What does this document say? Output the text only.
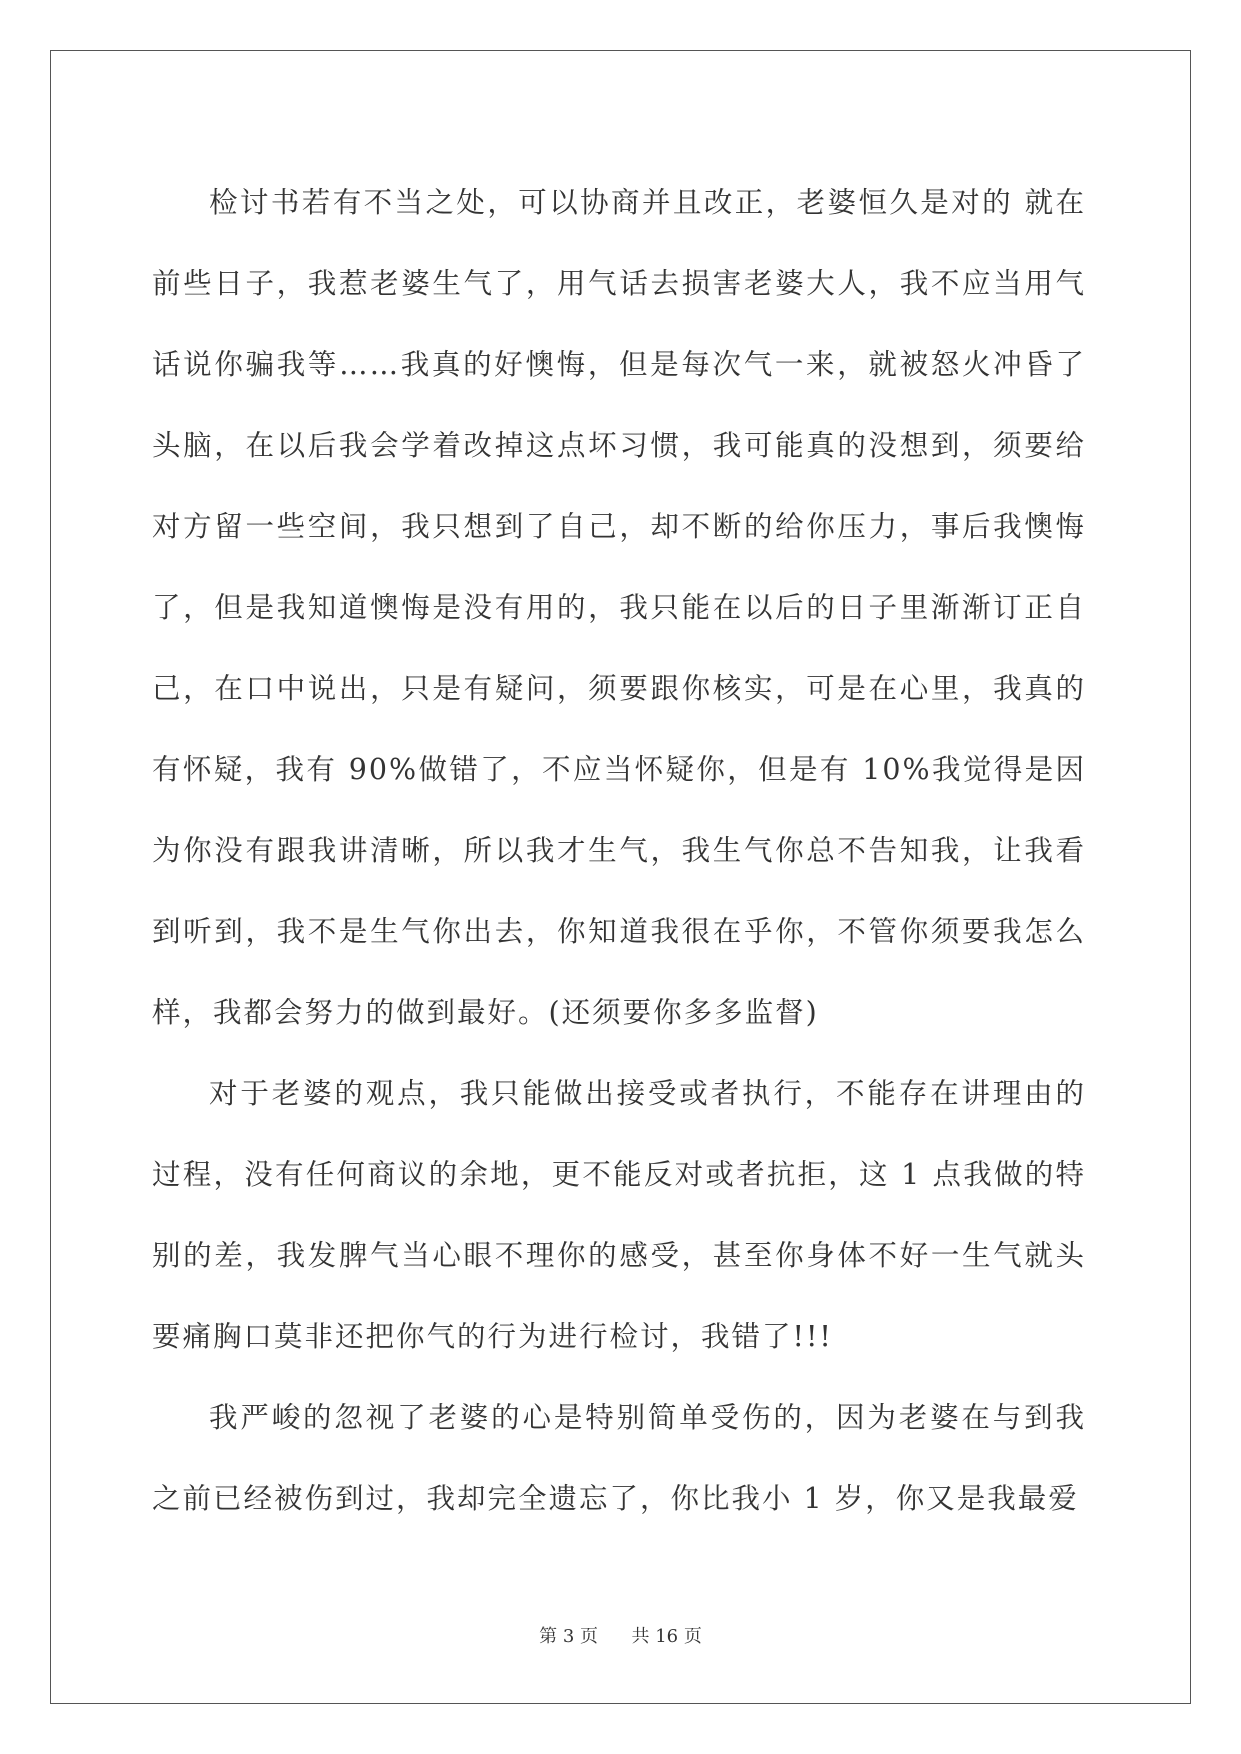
检讨书若有不当之处，可以协商并且改正，老婆恒久是对的 就在前些日子，我惹老婆生气了，用气话去损害老婆大人，我不应当用气话说你骗我等……我真的好懊悔，但是每次气一来，就被怒火冲昏了头脑，在以后我会学着改掉这点坏习惯，我可能真的没想到，须要给对方留一些空间，我只想到了自己，却不断的给你压力，事后我懊悔了，但是我知道懊悔是没有用的，我只能在以后的日子里渐渐订正自己，在口中说出，只是有疑问，须要跟你核实，可是在心里，我真的有怀疑，我有 90%做错了，不应当怀疑你，但是有 10%我觉得是因为你没有跟我讲清晰，所以我才生气，我生气你总不告知我，让我看到听到，我不是生气你出去，你知道我很在乎你，不管你须要我怎么样，我都会努力的做到最好。(还须要你多多监督)

对于老婆的观点，我只能做出接受或者执行，不能存在讲理由的过程，没有任何商议的余地，更不能反对或者抗拒，这 1 点我做的特别的差，我发脾气当心眼不理你的感受，甚至你身体不好一生气就头要痛胸口莫非还把你气的行为进行检讨，我错了!!!

我严峻的忽视了老婆的心是特别简单受伤的，因为老婆在与到我之前已经被伤到过，我却完全遗忘了，你比我小 1 岁，你又是我最爱

第 3 页 共 16 页
